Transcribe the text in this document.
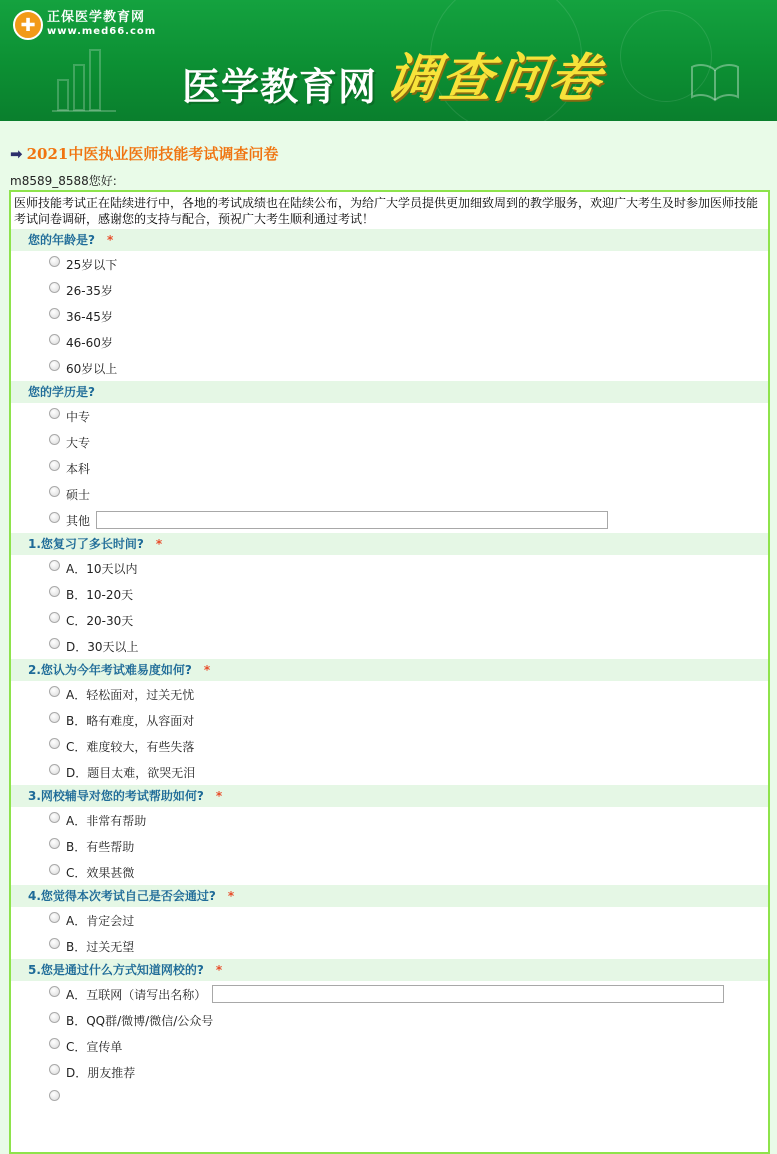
✚ 正保医学教育网
www.med66.com
医学教育网 调查问卷
➡ 2021中医执业医师技能考试调查问卷
m8589_8588您好:
医师技能考试正在陆续进行中，各地的考试成绩也在陆续公布，为给广大学员提供更加细致周到的教学服务，欢迎广大考生及时参加医师技能考试问卷调研，感谢您的支持与配合，预祝广大考生顺利通过考试！
您的年龄是? *
25岁以下
26-35岁
36-45岁
46-60岁
60岁以上
您的学历是?
中专
大专
本科
硕士
其他
1.您复习了多长时间? *
A．10天以内
B．10-20天
C．20-30天
D．30天以上
2.您认为今年考试难易度如何? *
A．轻松面对，过关无忧
B．略有难度，从容面对
C．难度较大，有些失落
D．题目太难，欲哭无泪
3.网校辅导对您的考试帮助如何? *
A．非常有帮助
B．有些帮助
C．效果甚微
4.您觉得本次考试自己是否会通过? *
A．肯定会过
B．过关无望
5.您是通过什么方式知道网校的? *
A．互联网（请写出名称）
B．QQ群/微博/微信/公众号
C．宣传单
D．朋友推荐
